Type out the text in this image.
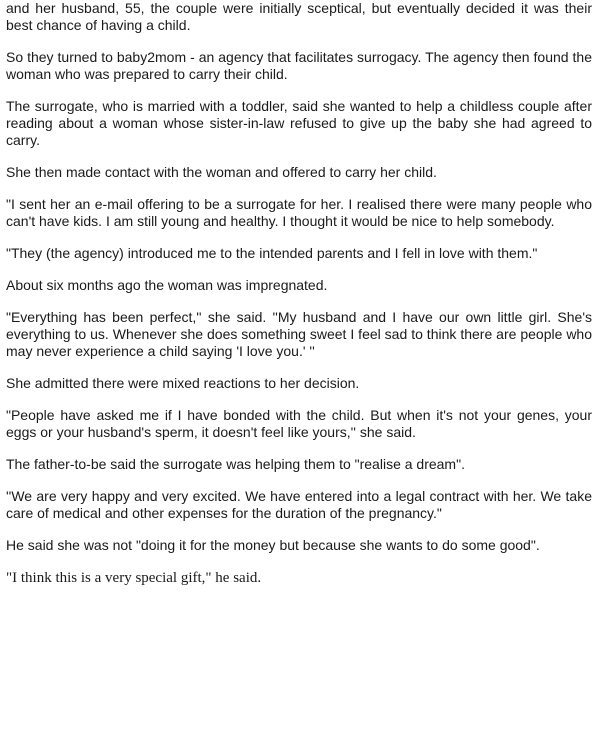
and her husband, 55, the couple were initially sceptical, but eventually decided it was their best chance of having a child.

So they turned to baby2mom - an agency that facilitates surrogacy. The agency then found the woman who was prepared to carry their child.

The surrogate, who is married with a toddler, said she wanted to help a childless couple after reading about a woman whose sister-in-law refused to give up the baby she had agreed to carry.

She then made contact with the woman and offered to carry her child.

"I sent her an e-mail offering to be a surrogate for her. I realised there were many people who can't have kids. I am still young and healthy. I thought it would be nice to help somebody.

"They (the agency) introduced me to the intended parents and I fell in love with them."

About six months ago the woman was impregnated.

"Everything has been perfect,'' she said. ''My husband and I have our own little girl. She's everything to us. Whenever she does something sweet I feel sad to think there are people who may never experience a child saying 'I love you.' ''

She admitted there were mixed reactions to her decision.

"People have asked me if I have bonded with the child. But when it's not your genes, your eggs or your husband's sperm, it doesn't feel like yours,'' she said.

The father-to-be said the surrogate was helping them to "realise a dream".

''We are very happy and very excited. We have entered into a legal contract with her. We take care of medical and other expenses for the duration of the pregnancy."

He said she was not "doing it for the money but because she wants to do some good".

"I think this is a very special gift," he said.
